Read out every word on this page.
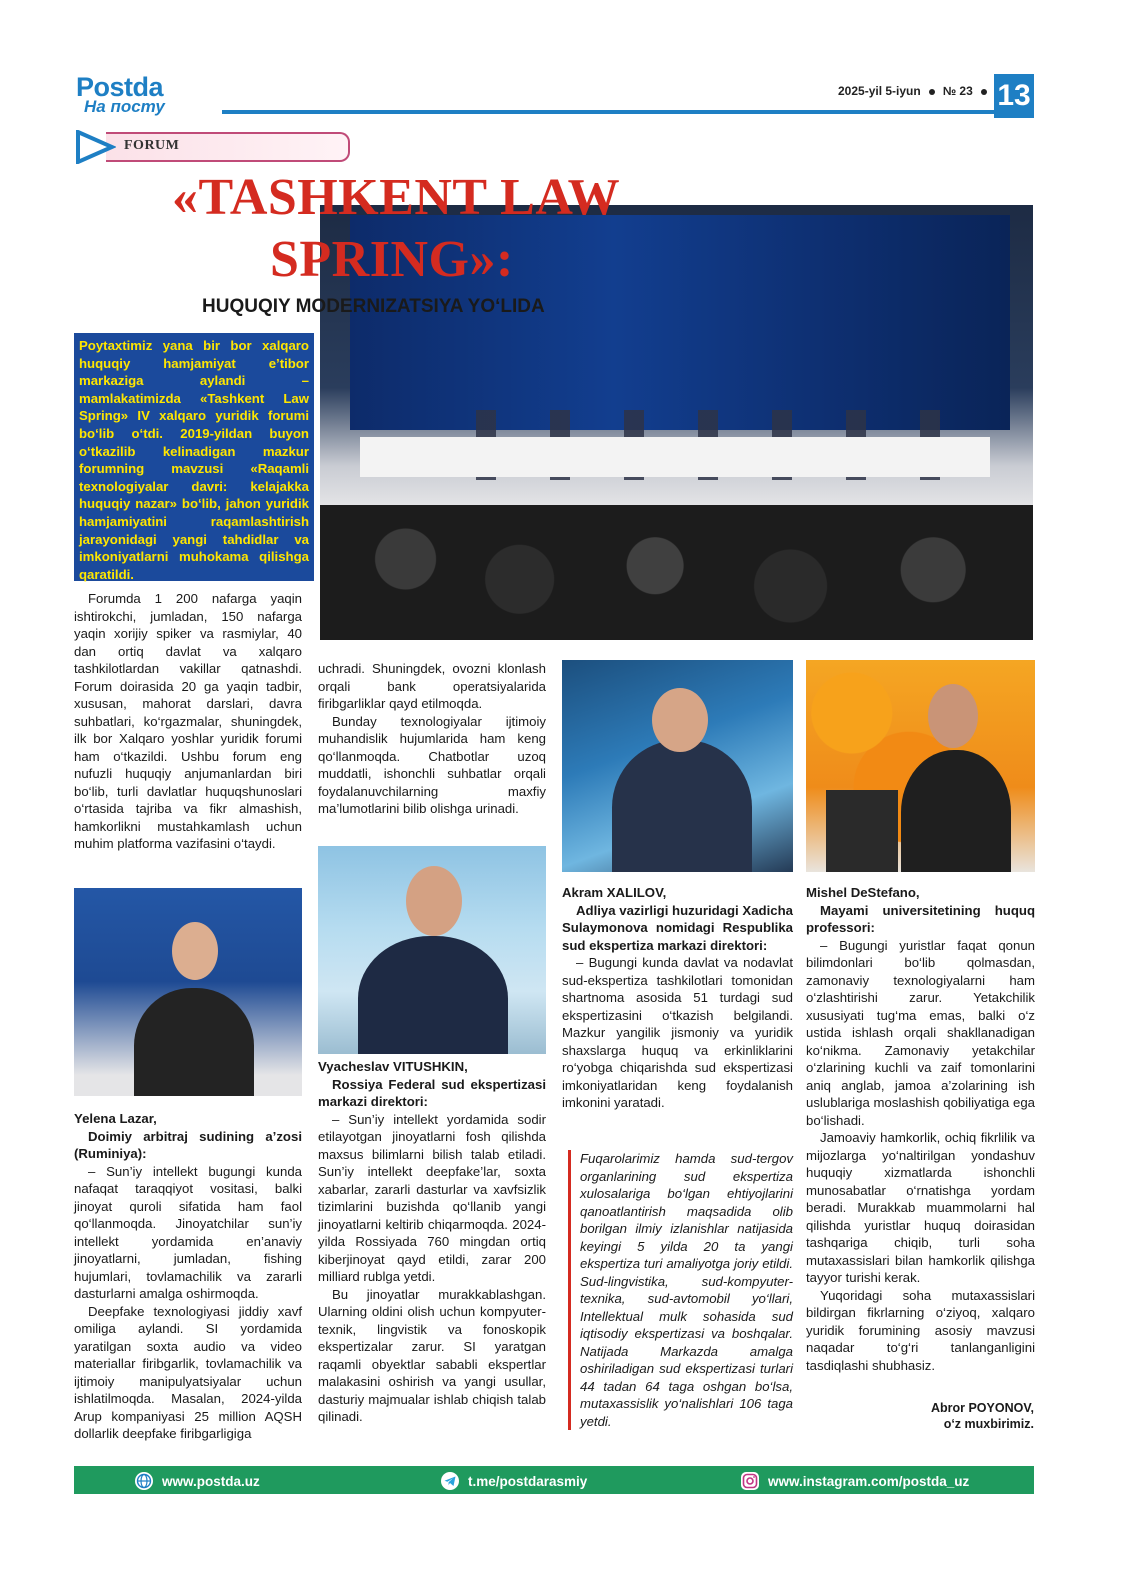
Postda
На посту
2025-yil 5-iyun № 23 13
FORUM
«TASHKENT LAW
SPRING»:
HUQUQIY MODERNIZATSIYA YO‘LIDA
Poytaxtimiz yana bir bor xalqaro huquqiy hamjamiyat e’tibor markaziga aylandi – mamlakatimizda «Tashkent Law Spring» IV xalqaro yuridik forumi bo‘lib o‘tdi. 2019-yildan buyon o‘tkazilib kelinadigan mazkur forumning mavzusi «Raqamli texnologiyalar davri: kelajakka huquqiy nazar» bo‘lib, jahon yuridik hamjamiyatini raqamlashtirish jarayonidagi yangi tahdidlar va imkoniyatlarni muhokama qilishga qaratildi.

Forumda 1 200 nafarga yaqin ishtirokchi, jumladan, 150 nafarga yaqin xorijiy spiker va rasmiylar, 40 dan ortiq davlat va xalqaro tashkilotlardan vakillar qatnashdi. Forum doirasida 20 ga yaqin tadbir, xususan, mahorat darslari, davra suhbatlari, ko‘rgazmalar, shuningdek, ilk bor Xalqaro yoshlar yuridik forumi ham o‘tkazildi. Ushbu forum eng nufuzli huquqiy anjumanlardan biri bo‘lib, turli davlatlar huquqshunoslari o‘rtasida tajriba va fikr almashish, hamkorlikni mustahkamlash uchun muhim platforma vazifasini o‘taydi.

uchradi. Shuningdek, ovozni klonlash orqali bank operatsiyalarida firibgarliklar qayd etilmoqda.

Bunday texnologiyalar ijtimoiy muhandislik hujumlarida ham keng qo‘llanmoqda. Chatbotlar uzoq muddatli, ishonchli suhbatlar orqali foydalanuvchilarning maxfiy ma’lumotlarini bilib olishga urinadi.

Yelena Lazar,

Doimiy arbitraj sudining a’zosi (Ruminiya):

– Sun’iy intellekt bugungi kunda nafaqat taraqqiyot vositasi, balki jinoyat quroli sifatida ham faol qo‘llanmoqda. Jinoyatchilar sun’iy intellekt yordamida en’anaviy jinoyatlarni, jumladan, fishing hujumlari, tovlamachilik va zararli dasturlarni amalga oshirmoqda.

Deepfake texnologiyasi jiddiy xavf omiliga aylandi. SI yordamida yaratilgan soxta audio va video materiallar firibgarlik, tovlamachilik va ijtimoiy manipulyatsiyalar uchun ishlatilmoqda. Masalan, 2024-yilda Arup kompaniyasi 25 million AQSH dollarlik deepfake firibgarligiga

Vyacheslav VITUSHKIN,

Rossiya Federal sud ekspertizasi markazi direktori:

– Sun’iy intellekt yordamida sodir etilayotgan jinoyatlarni fosh qilishda maxsus bilimlarni bilish talab etiladi. Sun’iy intellekt deepfake’lar, soxta xabarlar, zararli dasturlar va xavfsizlik tizimlarini buzishda qo‘llanib yangi jinoyatlarni keltirib chiqarmoqda. 2024-yilda Rossiyada 760 mingdan ortiq kiberjinoyat qayd etildi, zarar 200 milliard rublga yetdi.

Bu jinoyatlar murakkablashgan. Ularning oldini olish uchun kompyuter-texnik, lingvistik va fonoskopik ekspertizalar zarur. SI yaratgan raqamli obyektlar sababli ekspertlar malakasini oshirish va yangi usullar, dasturiy majmualar ishlab chiqish talab qilinadi.

Akram XALILOV,

Adliya vazirligi huzuridagi Xadicha Sulaymonova nomidagi Respublika sud ekspertiza markazi direktori:

– Bugungi kunda davlat va nodavlat sud-ekspertiza tashkilotlari tomonidan shartnoma asosida 51 turdagi sud ekspertizasini o‘tkazish belgilandi. Mazkur yangilik jismoniy va yuridik shaxslarga huquq va erkinliklarini ro‘yobga chiqarishda sud ekspertizasi imkoniyatlaridan keng foydalanish imkonini yaratadi.

Fuqarolarimiz hamda sud-tergov organlarining sud ekspertiza xulosalariga bo‘lgan ehtiyojlarini qanoatlantirish maqsadida olib borilgan ilmiy izlanishlar natijasida keyingi 5 yilda 20 ta yangi ekspertiza turi amaliyotga joriy etildi. Sud-lingvistika, sud-kompyuter-texnika, sud-avtomobil yo‘llari, Intellektual mulk sohasida sud iqtisodiy ekspertizasi va boshqalar. Natijada Markazda amalga oshiriladigan sud ekspertizasi turlari 44 tadan 64 taga oshgan bo‘lsa, mutaxassislik yo‘nalishlari 106 taga yetdi.

Mishel DeStefano,

Mayami universitetining huquq professori:

– Bugungi yuristlar faqat qonun bilimdonlari bo‘lib qolmasdan, zamonaviy texnologiyalarni ham o‘zlashtirishi zarur. Yetakchilik xususiyati tug‘ma emas, balki o‘z ustida ishlash orqali shakllanadigan ko‘nikma. Zamonaviy yetakchilar o‘zlarining kuchli va zaif tomonlarini aniq anglab, jamoa a’zolarining ish uslublariga moslashish qobiliyatiga ega bo‘lishadi.

Jamoaviy hamkorlik, ochiq fikrlilik va mijozlarga yo‘naltirilgan yondashuv huquqiy xizmatlarda ishonchli munosabatlar o‘rnatishga yordam beradi. Murakkab muammolarni hal qilishda yuristlar huquq doirasidan tashqariga chiqib, turli soha mutaxassislari bilan hamkorlik qilishga tayyor turishi kerak.

Yuqoridagi soha mutaxassislari bildirgan fikrlarning o‘ziyoq, xalqaro yuridik forumining asosiy mavzusi naqadar to‘g‘ri tanlanganligini tasdiqlashi shubhasiz.

Abror POYONOV,
o‘z muxbirimiz.
www.postda.uz	t.me/postdarasmiy	www.instagram.com/postda_uz
